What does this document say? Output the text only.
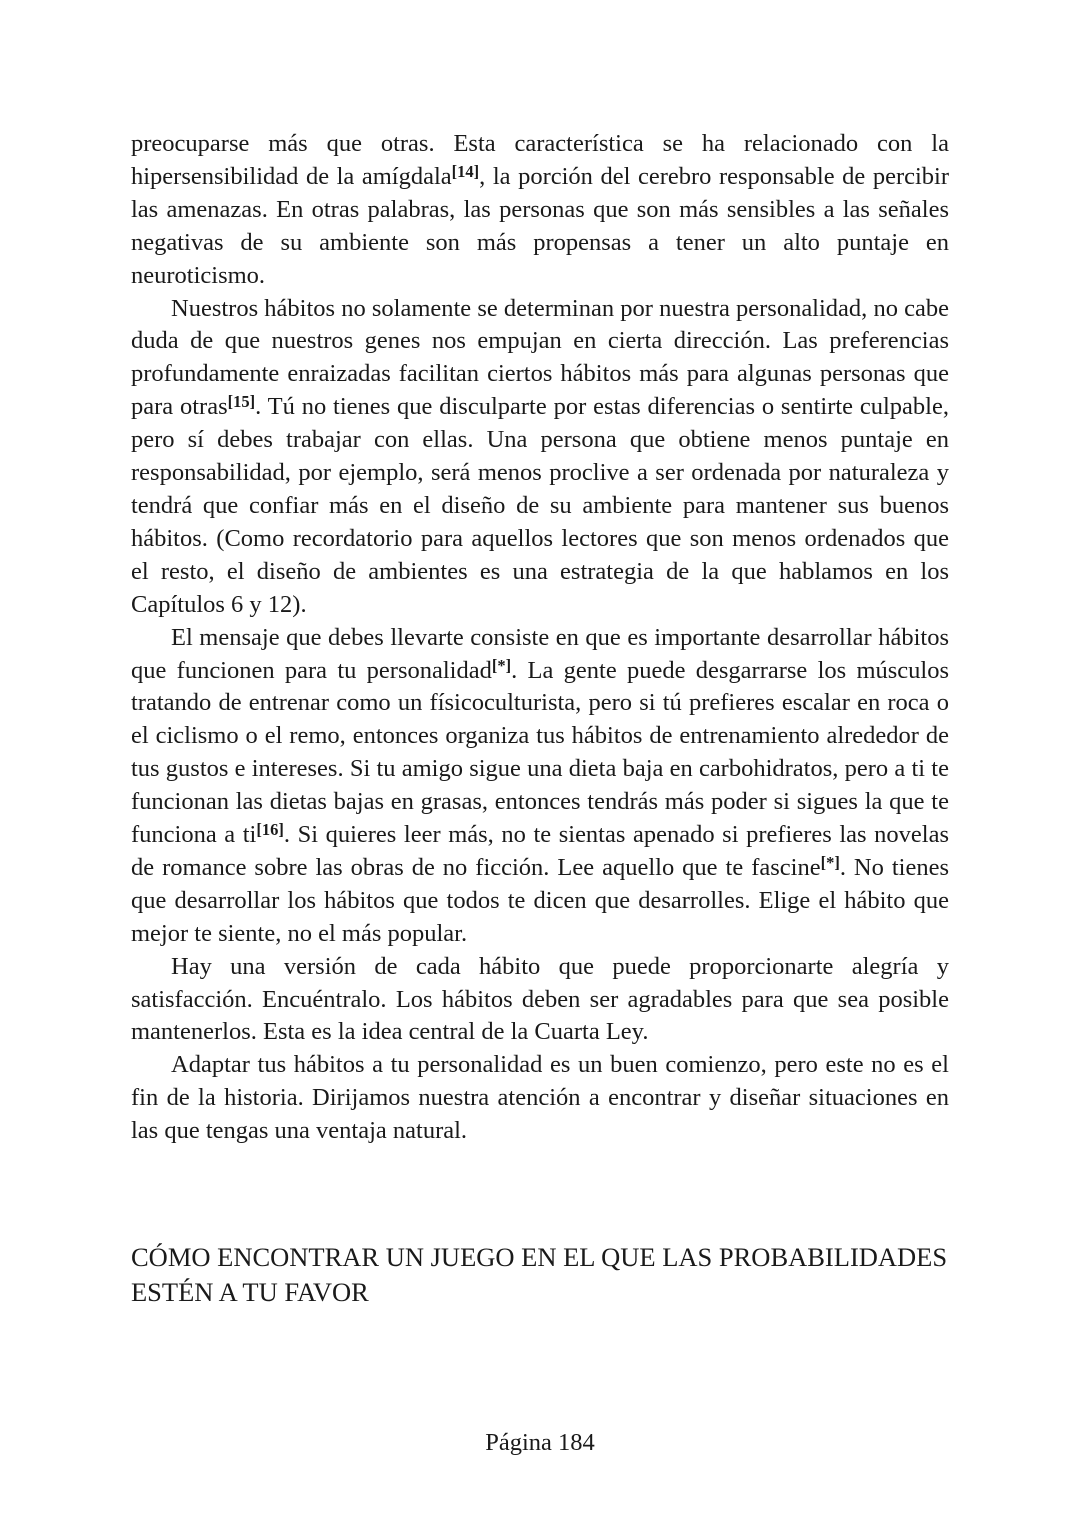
preocuparse más que otras. Esta característica se ha relacionado con la hipersensibilidad de la amígdala[14], la porción del cerebro responsable de percibir las amenazas. En otras palabras, las personas que son más sensibles a las señales negativas de su ambiente son más propensas a tener un alto puntaje en neuroticismo.

Nuestros hábitos no solamente se determinan por nuestra personalidad, no cabe duda de que nuestros genes nos empujan en cierta dirección. Las preferencias profundamente enraizadas facilitan ciertos hábitos más para algunas personas que para otras[15]. Tú no tienes que disculparte por estas diferencias o sentirte culpable, pero sí debes trabajar con ellas. Una persona que obtiene menos puntaje en responsabilidad, por ejemplo, será menos proclive a ser ordenada por naturaleza y tendrá que confiar más en el diseño de su ambiente para mantener sus buenos hábitos. (Como recordatorio para aquellos lectores que son menos ordenados que el resto, el diseño de ambientes es una estrategia de la que hablamos en los Capítulos 6 y 12).

El mensaje que debes llevarte consiste en que es importante desarrollar hábitos que funcionen para tu personalidad[*]. La gente puede desgarrarse los músculos tratando de entrenar como un físicoculturista, pero si tú prefieres escalar en roca o el ciclismo o el remo, entonces organiza tus hábitos de entrenamiento alrededor de tus gustos e intereses. Si tu amigo sigue una dieta baja en carbohidratos, pero a ti te funcionan las dietas bajas en grasas, entonces tendrás más poder si sigues la que te funciona a ti[16]. Si quieres leer más, no te sientas apenado si prefieres las novelas de romance sobre las obras de no ficción. Lee aquello que te fascine[*]. No tienes que desarrollar los hábitos que todos te dicen que desarrolles. Elige el hábito que mejor te siente, no el más popular.

Hay una versión de cada hábito que puede proporcionarte alegría y satisfacción. Encuéntralo. Los hábitos deben ser agradables para que sea posible mantenerlos. Esta es la idea central de la Cuarta Ley.

Adaptar tus hábitos a tu personalidad es un buen comienzo, pero este no es el fin de la historia. Dirijamos nuestra atención a encontrar y diseñar situaciones en las que tengas una ventaja natural.

CÓMO ENCONTRAR UN JUEGO EN EL QUE LAS PROBABILIDADES
ESTÉN A TU FAVOR
Página 184
